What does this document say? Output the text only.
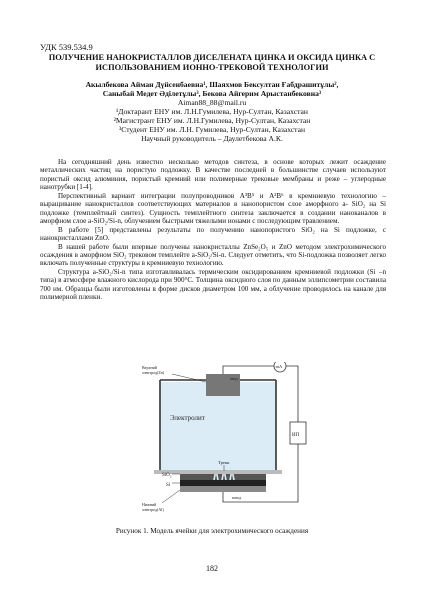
УДК 539.534.9
ПОЛУЧЕНИЕ НАНОКРИСТАЛЛОВ ДИСЕЛЕНАТА ЦИНКА И ОКСИДА ЦИНКА С
ИСПОЛЬЗОВАНИЕМ ИОННО-ТРЕКОВОЙ ТЕХНОЛОГИИ
Акылбекова Айман Дүйсенбаевна¹, Шаяхмов Бексултан Ғабдрашитұлы²,
Саныбай Медет Әділетұлы³, Бекова Айгерим Арыстанбековна³
Aiman88_88@mail.ru
¹Доктарант ЕНУ им. Л.Н.Гумилева, Нур-Султан, Казахстан
²Магистрант ЕНУ им. Л.Н.Гумилева, Нур-Султан, Казахстан
³Студент ЕНУ им. Л.Н. Гумилева, Нур-Султан, Казахстан
Научный руководитель – Даулетбекова А.К.

На сегодняшний день известно несколько методов синтеза, в основе которых лежит осаждение металлических частиц на пористую подложку. В качестве последней в большинстве случаев используют пористый оксид алюминия, пористый кремний или полимерные трековые мембраны и реже – углеродные нанотрубки [1-4].

Перспективный вариант интеграции полупроводников A³B⁵ и A²B⁶ в кремниевую технологию – выращивание нанокристаллов соответствующих материалов в нанопористом слое аморфного a- SiO₂ на Si подложке (темплейтный синтез). Сущность темплейтного синтеза заключается в создании наноканалов в аморфном слое a-SiO₂/Si-n, облучением быстрыми тяжелыми ионами с последующим травлением.

В работе [5] представлены результаты по получению нанопористого SiO₂ на Si подложке, с нанокристаллами ZnO.

В нашей работе были впервые получены нанокристаллы ZnSe₂O₅ и ZnO методом электрохимического осаждения в аморфном SiO₂ трековом темплейте a-SiO₂/Si-n. Следует отметить, что Si-подложка позволяет легко включать полученные структуры в кремниевую технологию.

Структура a-SiO₂/Si-n типа изготавливалась термическим оксидированием кремниевой подложки (Si –n типа) в атмосфере влажного кислорода при 900°С. Толщина оксидного слоя по данным эллипсометрии составила 700 нм. Образцы были изготовлены в форме дисков диаметром 100 мм, а облучение проводилось на канале для полимерной пленки.

Верхний
электрод(Zn)
анод
mA
ИП
Электролит
SiO$_2$
Si
Треки
катод
Нижний
электрод(Al)
Рисунок 1. Модель ячейки для электрохимического осаждения
182
